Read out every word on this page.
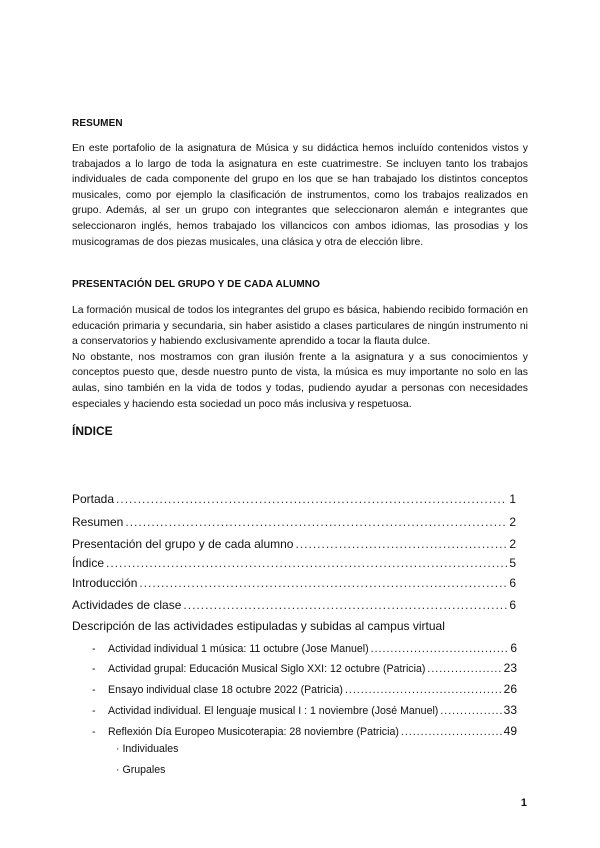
RESUMEN

En este portafolio de la asignatura de Música y su didáctica hemos incluído contenidos vistos y trabajados a lo largo de toda la asignatura en este cuatrimestre. Se incluyen tanto los trabajos individuales de cada componente del grupo en los que se han trabajado los distintos conceptos musicales, como por ejemplo la clasificación de instrumentos, como los trabajos realizados en grupo. Además, al ser un grupo con integrantes que seleccionaron alemán e integrantes que seleccionaron inglés, hemos trabajado los villancicos con ambos idiomas, las prosodias y los musicogramas de dos piezas musicales, una clásica y otra de elección libre.

PRESENTACIÓN DEL GRUPO Y DE CADA ALUMNO

La formación musical de todos los integrantes del grupo es básica, habiendo recibido formación en educación primaria y secundaria, sin haber asistido a clases particulares de ningún instrumento ni a conservatorios y habiendo exclusivamente aprendido a tocar la flauta dulce.

No obstante, nos mostramos con gran ilusión frente a la asignatura y a sus conocimientos y conceptos puesto que, desde nuestro punto de vista, la música es muy importante no solo en las aulas, sino también en la vida de todos y todas, pudiendo ayudar a personas con necesidades especiales y haciendo esta sociedad un poco más inclusiva y respetuosa.

ÍNDICE
Portada .....	1
Resumen .....	2
Presentación del grupo y de cada alumno .....	2
Índice .....	5
Introducción .....	6
Actividades de clase .....	6
Descripción de las actividades estipuladas y subidas al campus virtual
-	Actividad individual 1 música: 11 octubre (Jose Manuel) .....	6
-	Actividad grupal: Educación Musical Siglo XXI: 12 octubre (Patricia) .....	23
-	Ensayo individual clase 18 octubre 2022 (Patricia) .....	26
-	Actividad individual. El lenguaje musical I : 1 noviembre (José Manuel) .....	33
-	Reflexión Día Europeo Musicoterapia: 28 noviembre (Patricia) .....	49
· Individuales
· Grupales
1
